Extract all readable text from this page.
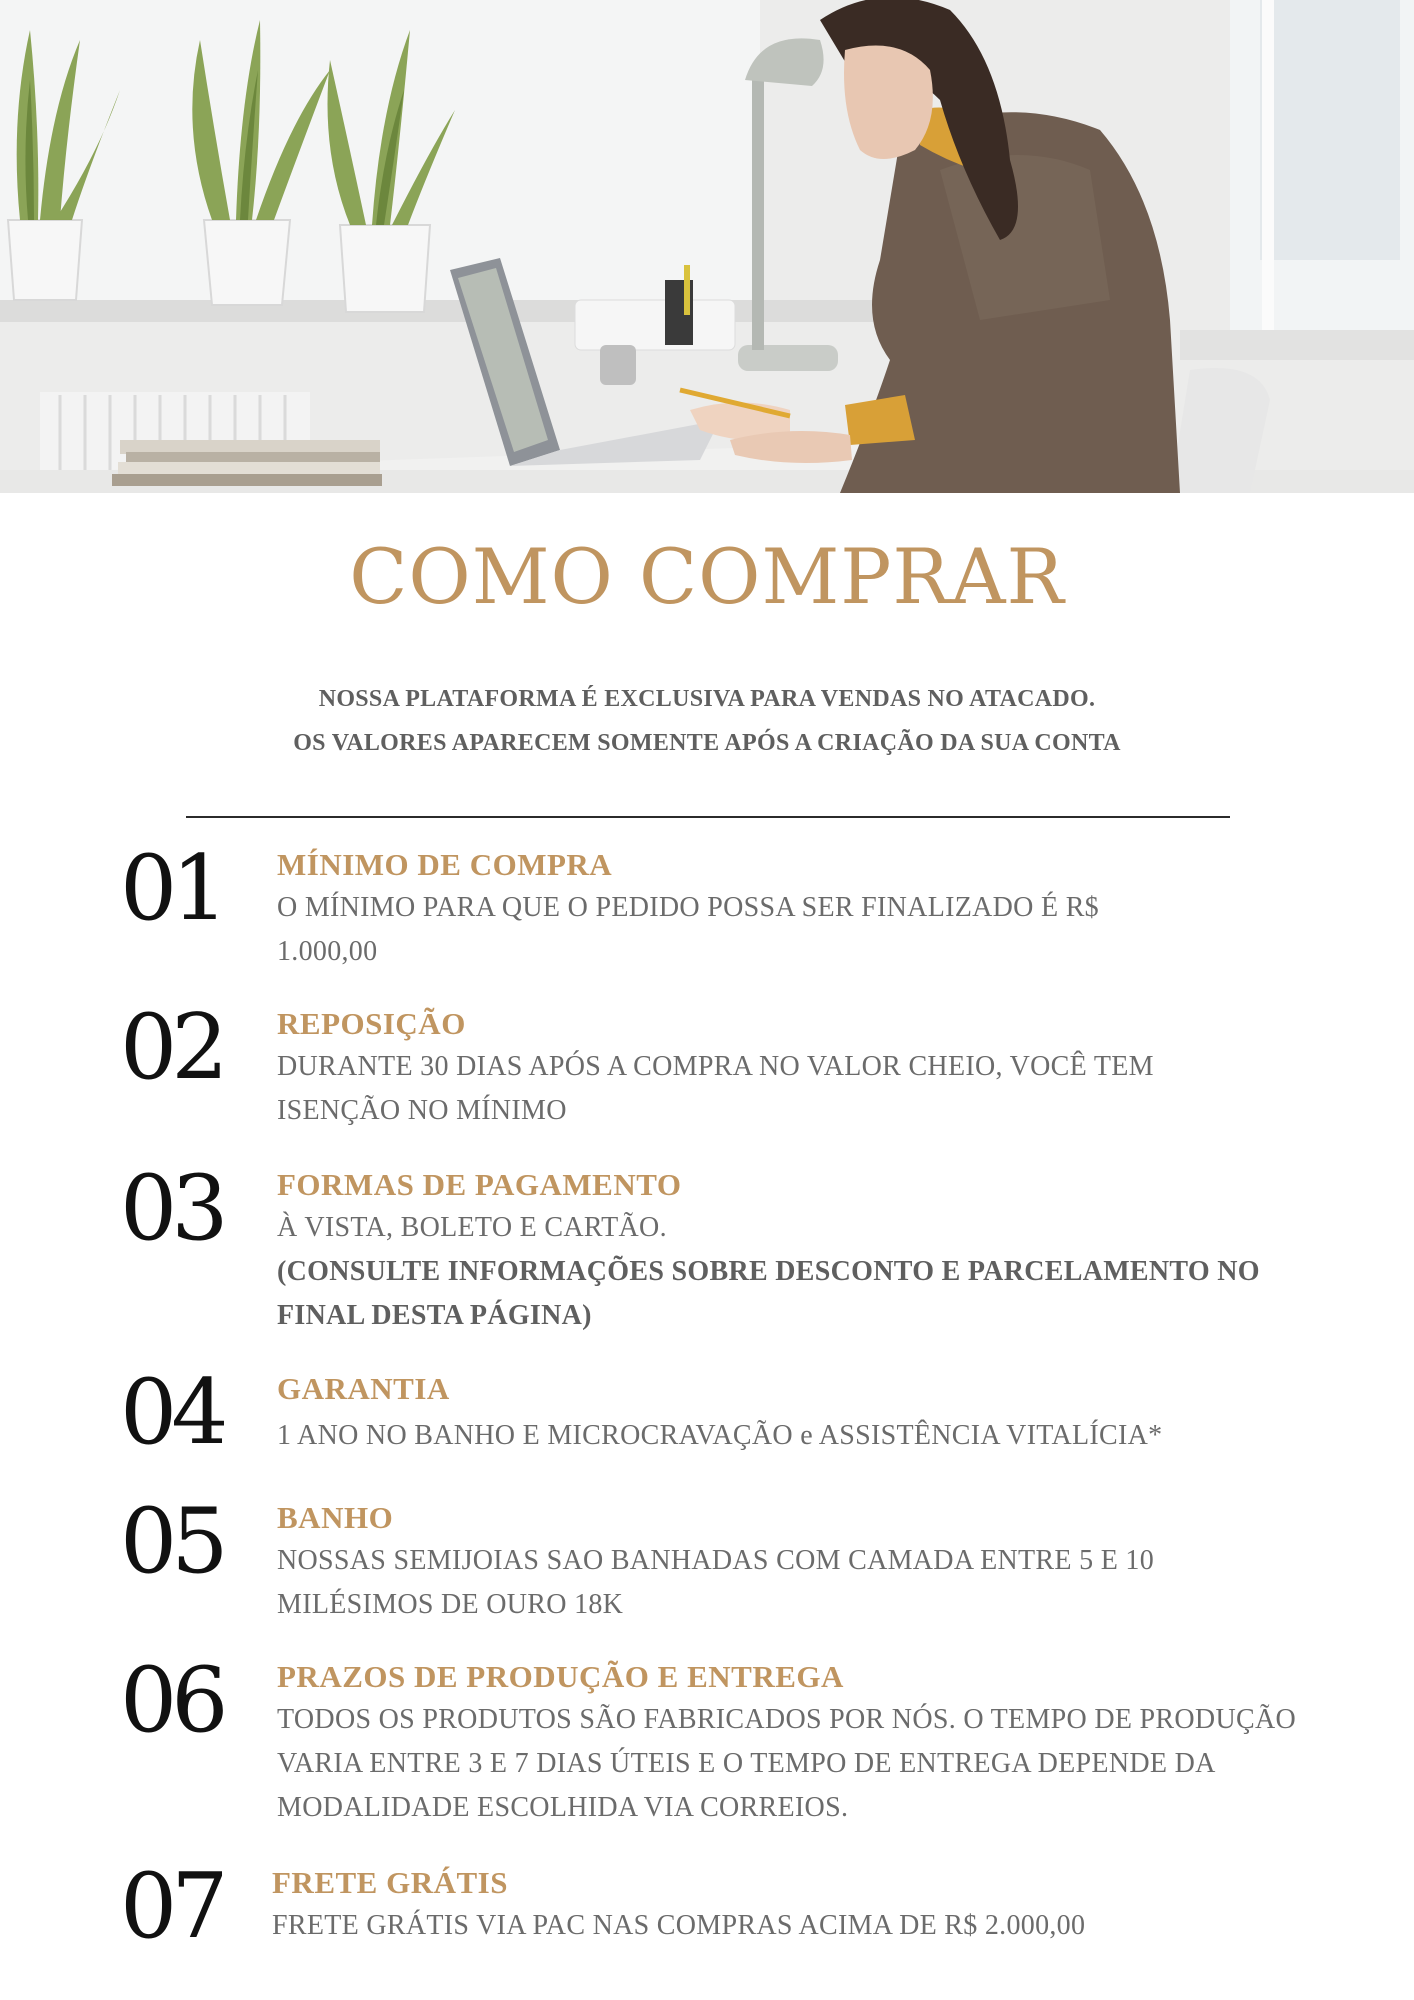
COMO COMPRAR
NOSSA PLATAFORMA É EXCLUSIVA PARA VENDAS NO ATACADO.
OS VALORES APARECEM SOMENTE APÓS A CRIAÇÃO DA SUA CONTA
01 MÍNIMO DE COMPRA
O MÍNIMO PARA QUE O PEDIDO POSSA SER FINALIZADO É R$
1.000,00
02 REPOSIÇÃO
DURANTE 30 DIAS APÓS A COMPRA NO VALOR CHEIO, VOCÊ TEM
ISENÇÃO NO MÍNIMO
03 FORMAS DE PAGAMENTO
À VISTA, BOLETO E CARTÃO.
(CONSULTE INFORMAÇÕES SOBRE DESCONTO E PARCELAMENTO NO
FINAL DESTA PÁGINA)
04 GARANTIA
1 ANO NO BANHO E MICROCRAVAÇÃO e ASSISTÊNCIA VITALÍCIA*
05 BANHO
NOSSAS SEMIJOIAS SAO BANHADAS COM CAMADA ENTRE 5 E 10
MILÉSIMOS DE OURO 18K
06 PRAZOS DE PRODUÇÃO E ENTREGA
TODOS OS PRODUTOS SÃO FABRICADOS POR NÓS. O TEMPO DE PRODUÇÃO
VARIA ENTRE 3 E 7 DIAS ÚTEIS E O TEMPO DE ENTREGA DEPENDE DA
MODALIDADE ESCOLHIDA VIA CORREIOS.
07 FRETE GRÁTIS
FRETE GRÁTIS VIA PAC NAS COMPRAS ACIMA DE R$ 2.000,00
